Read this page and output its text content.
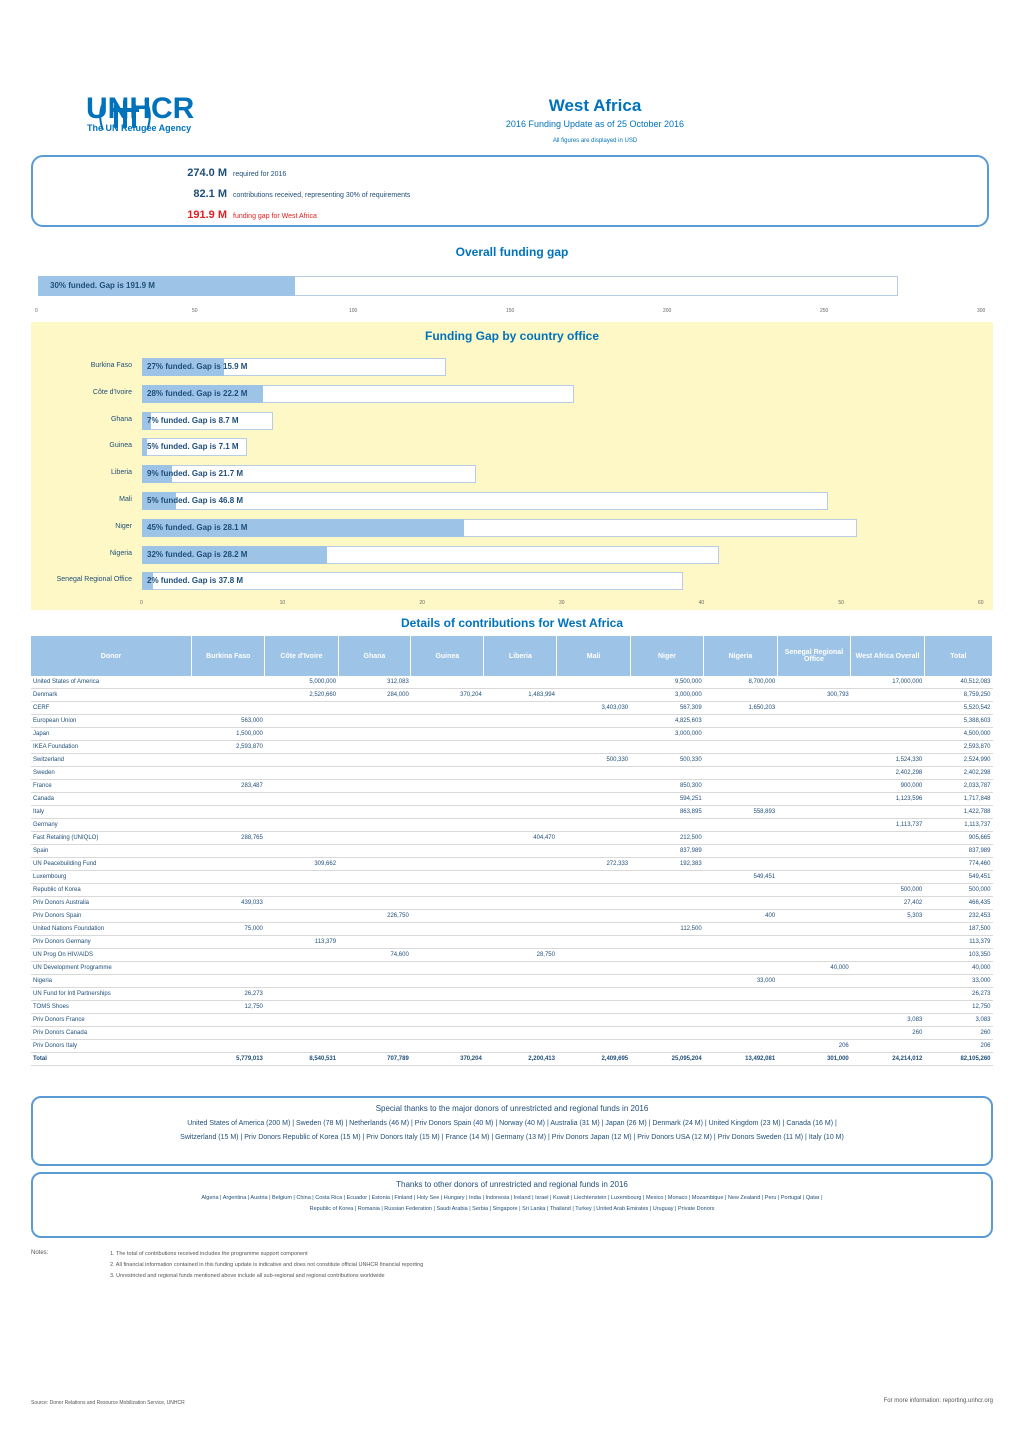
UNHCR
The UN Refugee Agency
West Africa
2016 Funding Update as of 25 October 2016
All figures are displayed in USD
274.0 M required for 2016
82.1 M contributions received, representing 30% of requirements
191.9 M funding gap for West Africa
Overall funding gap
30% funded. Gap is 191.9 M
0	50	100	150	200	250	300
Funding Gap by country office
Burkina Faso 27% funded. Gap is 15.9 M
Côte d'Ivoire 28% funded. Gap is 22.2 M
Ghana 7% funded. Gap is 8.7 M
Guinea 5% funded. Gap is 7.1 M
Liberia 9% funded. Gap is 21.7 M
Mali 5% funded. Gap is 46.8 M
Niger 45% funded. Gap is 28.1 M
Nigeria 32% funded. Gap is 28.2 M
Senegal Regional Office 2% funded. Gap is 37.8 M
0	10	20	30	40	50	60
Details of contributions for West Africa
Donor	Burkina Faso	Côte d'Ivoire	Ghana	Guinea	Liberia	Mali	Niger	Nigeria	Senegal Regional Office	West Africa Overall	Total
United States of America		5,000,000	312,083				9,500,000	8,700,000		17,000,000	40,512,083
Denmark		2,520,660	284,000	370,204	1,483,994		3,000,000		300,793		8,759,250
CERF						3,403,030	567,309	1,650,203			5,520,542
European Union	563,000						4,825,603				5,388,603
Japan	1,500,000						3,000,000				4,500,000
IKEA Foundation	2,593,870										2,593,870
Switzerland						500,330	500,330			1,524,330	2,524,990
Sweden										2,402,298	2,402,298
France	283,487						850,300			900,000	2,033,787
Canada							594,251			1,123,596	1,717,848
Italy							863,895	558,893			1,422,788
Germany										1,113,737	1,113,737
Fast Retailing (UNIQLO)	288,765				404,470		212,500				905,665
Spain							837,989				837,989
UN Peacebuilding Fund		309,662				272,333	192,383				774,460
Luxembourg								549,451			549,451
Republic of Korea										500,000	500,000
Priv Donors Australia	439,033									27,402	466,435
Priv Donors Spain			226,750					400		5,303	232,453
United Nations Foundation	75,000						112,500				187,500
Priv Donors Germany		113,379									113,379
UN Prog On HIV/AIDS			74,600		28,750						103,350
UN Development Programme									40,000		40,000
Nigeria								33,000			33,000
UN Fund for Intl Partnerships	26,273										26,273
TOMS Shoes	12,750										12,750
Priv Donors France										3,083	3,083
Priv Donors Canada										260	260
Priv Donors Italy									206		206
Total	5,779,013	8,540,531	707,789	370,204	2,200,413	2,409,695	25,095,204	13,492,081	301,000	24,214,012	82,105,260
Special thanks to the major donors of unrestricted and regional funds in 2016
United States of America (200 M) | Sweden (78 M) | Netherlands (46 M) | Priv Donors Spain (40 M) | Norway (40 M) | Australia (31 M) | Japan (26 M) | Denmark (24 M) | United Kingdom (23 M) | Canada (16 M) |
Switzerland (15 M) | Priv Donors Republic of Korea (15 M) | Priv Donors Italy (15 M) | France (14 M) | Germany (13 M) | Priv Donors Japan (12 M) | Priv Donors USA (12 M) | Priv Donors Sweden (11 M) | Italy (10 M)
Thanks to other donors of unrestricted and regional funds in 2016
Algeria | Argentina | Austria | Belgium | China | Costa Rica | Ecuador | Estonia | Finland | Holy See | Hungary | India | Indonesia | Ireland | Israel | Kuwait | Liechtenstein | Luxembourg | Mexico | Monaco | Mozambique | New Zealand | Peru | Portugal | Qatar |
Republic of Korea | Romania | Russian Federation | Saudi Arabia | Serbia | Singapore | Sri Lanka | Thailand | Turkey | United Arab Emirates | Uruguay | Private Donors
Notes:	1. The total of contributions received includes the programme support component
2. All financial information contained in this funding update is indicative and does not constitute official UNHCR financial reporting
3. Unrestricted and regional funds mentioned above include all sub-regional and regional contributions worldwide
Source: Donor Relations and Resource Mobilization Service, UNHCR	For more information: reporting.unhcr.org
